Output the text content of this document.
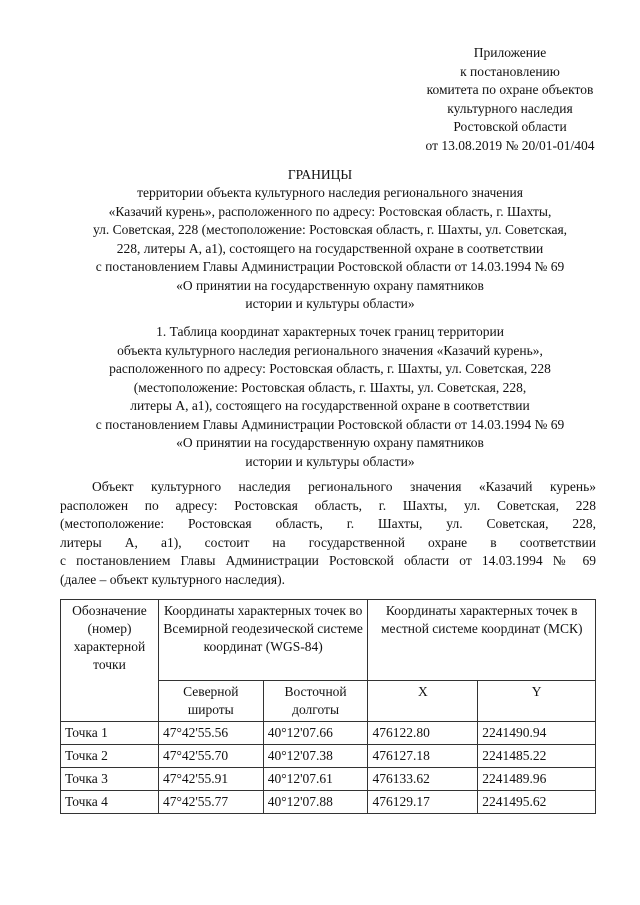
Приложение
к постановлению
комитета по охране объектов
культурного наследия
Ростовской области
от 13.08.2019 № 20/01-01/404
ГРАНИЦЫ
территории объекта культурного наследия регионального значения
«Казачий курень», расположенного по адресу: Ростовская область, г. Шахты,
ул. Советская, 228 (местоположение: Ростовская область, г. Шахты, ул. Советская,
228, литеры А, а1), состоящего на государственной охране в соответствии
с постановлением Главы Администрации Ростовской области от 14.03.1994 № 69
«О принятии на государственную охрану памятников
истории и культуры области»
1. Таблица координат характерных точек границ территории
объекта культурного наследия регионального значения «Казачий курень»,
расположенного по адресу: Ростовская область, г. Шахты, ул. Советская, 228
(местоположение: Ростовская область, г. Шахты, ул. Советская, 228,
литеры А, а1), состоящего на государственной охране в соответствии
с постановлением Главы Администрации Ростовской области от 14.03.1994 № 69
«О принятии на государственную охрану памятников
истории и культуры области»
Объект культурного наследия регионального значения «Казачий курень»
расположен по адресу: Ростовская область, г. Шахты, ул. Советская, 228
(местоположение: Ростовская область, г. Шахты, ул. Советская, 228,
литеры А, а1), состоит на государственной охране в соответствии
с постановлением Главы Администрации Ростовской области от 14.03.1994 № 69
(далее – объект культурного наследия).
Обозначение (номер) характерной точки	Координаты характерных точек во Всемирной геодезической системе координат (WGS-84)		Координаты характерных точек в местной системе координат (МСК)	
	Северной широты	Восточной долготы	X	Y
Точка 1	47°42'55.56	40°12'07.66	476122.80	2241490.94
Точка 2	47°42'55.70	40°12'07.38	476127.18	2241485.22
Точка 3	47°42'55.91	40°12'07.61	476133.62	2241489.96
Точка 4	47°42'55.77	40°12'07.88	476129.17	2241495.62
